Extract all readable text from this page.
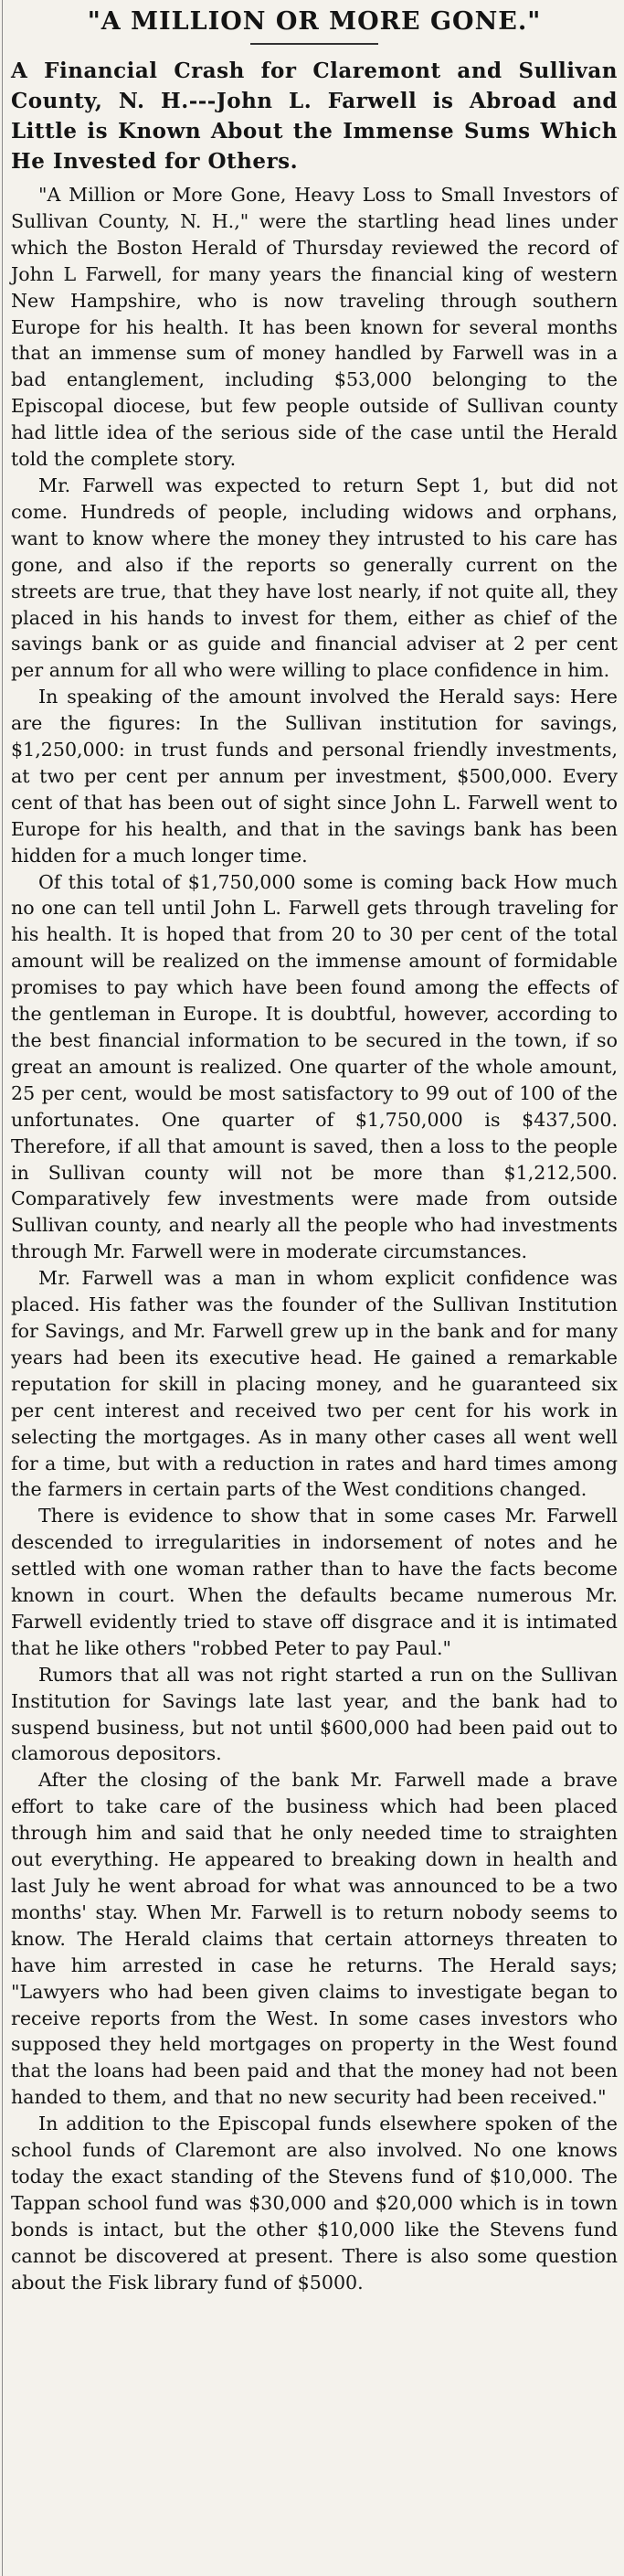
"A MILLION OR MORE GONE."
A Financial Crash for Claremont and Sullivan County, N. H.---John L. Farwell is Abroad and Little is Known About the Immense Sums Which He Invested for Others.

"A Million or More Gone, Heavy Loss to Small Investors of Sullivan County, N. H.," were the startling head lines under which the Boston Herald of Thursday reviewed the record of John L Farwell, for many years the financial king of western New Hampshire, who is now traveling through southern Europe for his health. It has been known for several months that an immense sum of money handled by Farwell was in a bad entanglement, including $53,000 belonging to the Episcopal diocese, but few people outside of Sullivan county had little idea of the serious side of the case until the Herald told the complete story.

Mr. Farwell was expected to return Sept 1, but did not come. Hundreds of people, including widows and orphans, want to know where the money they intrusted to his care has gone, and also if the reports so generally current on the streets are true, that they have lost nearly, if not quite all, they placed in his hands to invest for them, either as chief of the savings bank or as guide and financial adviser at 2 per cent per annum for all who were willing to place confidence in him.

In speaking of the amount involved the Herald says: Here are the figures: In the Sullivan institution for savings, $1,250,000: in trust funds and personal friendly investments, at two per cent per annum per investment, $500,000. Every cent of that has been out of sight since John L. Farwell went to Europe for his health, and that in the savings bank has been hidden for a much longer time.

Of this total of $1,750,000 some is coming back How much no one can tell until John L. Farwell gets through traveling for his health. It is hoped that from 20 to 30 per cent of the total amount will be realized on the immense amount of formidable promises to pay which have been found among the effects of the gentleman in Europe. It is doubtful, however, according to the best financial information to be secured in the town, if so great an amount is realized. One quarter of the whole amount, 25 per cent, would be most satisfactory to 99 out of 100 of the unfortunates. One quarter of $1,750,000 is $437,500. Therefore, if all that amount is saved, then a loss to the people in Sullivan county will not be more than $1,212,500. Comparatively few investments were made from outside Sullivan county, and nearly all the people who had investments through Mr. Farwell were in moderate circumstances.

Mr. Farwell was a man in whom explicit confidence was placed. His father was the founder of the Sullivan Institution for Savings, and Mr. Farwell grew up in the bank and for many years had been its executive head. He gained a remarkable reputation for skill in placing money, and he guaranteed six per cent interest and received two per cent for his work in selecting the mortgages. As in many other cases all went well for a time, but with a reduction in rates and hard times among the farmers in certain parts of the West conditions changed.

There is evidence to show that in some cases Mr. Farwell descended to irregularities in indorsement of notes and he settled with one woman rather than to have the facts become known in court. When the defaults became numerous Mr. Farwell evidently tried to stave off disgrace and it is intimated that he like others "robbed Peter to pay Paul."

Rumors that all was not right started a run on the Sullivan Institution for Savings late last year, and the bank had to suspend business, but not until $600,000 had been paid out to clamorous depositors.

After the closing of the bank Mr. Farwell made a brave effort to take care of the business which had been placed through him and said that he only needed time to straighten out everything. He appeared to breaking down in health and last July he went abroad for what was announced to be a two months' stay. When Mr. Farwell is to return nobody seems to know. The Herald claims that certain attorneys threaten to have him arrested in case he returns. The Herald says; "Lawyers who had been given claims to investigate began to receive reports from the West. In some cases investors who supposed they held mortgages on property in the West found that the loans had been paid and that the money had not been handed to them, and that no new security had been received."

In addition to the Episcopal funds elsewhere spoken of the school funds of Claremont are also involved. No one knows today the exact standing of the Stevens fund of $10,000. The Tappan school fund was $30,000 and $20,000 which is in town bonds is intact, but the other $10,000 like the Stevens fund cannot be discovered at present. There is also some question about the Fisk library fund of $5000.
